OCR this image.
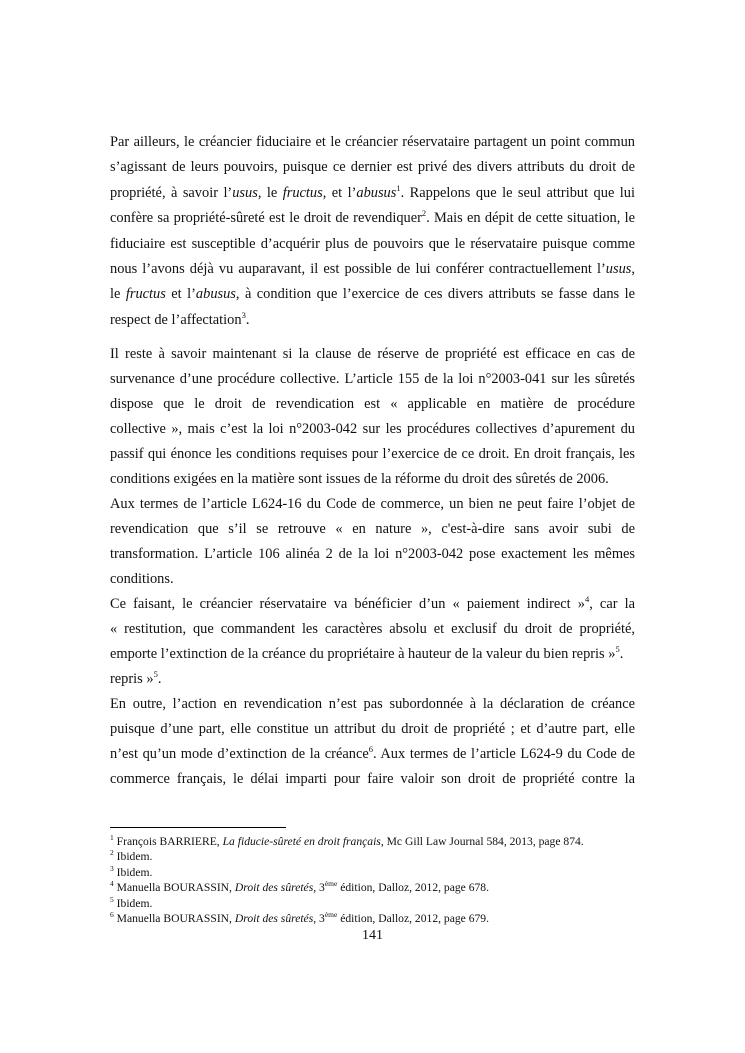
Par ailleurs, le créancier fiduciaire et le créancier réservataire partagent un point commun
s’agissant de leurs pouvoirs, puisque ce dernier est privé des divers attributs du droit de
propriété, à savoir l’usus, le fructus, et l’abusus$^1$. Rappelons que le seul attribut que lui
confère sa propriété-sûreté est le droit de revendiquer$^2$. Mais en dépit de cette situation, le
fiduciaire est susceptible d’acquérir plus de pouvoirs que le réservataire puisque comme
nous l’avons déjà vu auparavant, il est possible de lui conférer contractuellement l’usus,
le fructus et l’abusus, à condition que l’exercice de ces divers attributs se fasse dans le
respect de l’affectation$^3$.

Il reste à savoir maintenant si la clause de réserve de propriété est efficace en cas de
survenance d’une procédure collective. L’article 155 de la loi n°2003-041 sur les sûretés
dispose que le droit de revendication est « applicable en matière de procédure
collective », mais c’est la loi n°2003-042 sur les procédures collectives d’apurement du
passif qui énonce les conditions requises pour l’exercice de ce droit. En droit français, les
conditions exigées en la matière sont issues de la réforme du droit des sûretés de 2006.
Aux termes de l’article L624-16 du Code de commerce, un bien ne peut faire l’objet de
revendication que s’il se retrouve « en nature », c'est-à-dire sans avoir subi de
transformation. L’article 106 alinéa 2 de la loi n°2003-042 pose exactement les mêmes
conditions.
Ce faisant, le créancier réservataire va bénéficier d’un « paiement indirect »$^4$, car la
« restitution, que commandent les caractères absolu et exclusif du droit de propriété,
emporte l’extinction de la créance du propriétaire à hauteur de la valeur du bien repris »$^5$.
repris »$^5$.
En outre, l’action en revendication n’est pas subordonnée à la déclaration de créance
puisque d’une part, elle constitue un attribut du droit de propriété ; et d’autre part, elle
n’est qu’un mode d’extinction de la créance$^6$. Aux termes de l’article L624-9 du Code de
commerce français, le délai imparti pour faire valoir son droit de propriété contre la

$^1$ François BARRIERE, La fiducie-sûreté en droit français, Mc Gill Law Journal 584, 2013, page 874.
$^2$ Ibidem.
$^3$ Ibidem.
$^4$ Manuella BOURASSIN, Droit des sûretés, 3ème édition, Dalloz, 2012, page 678.
$^5$ Ibidem.
$^6$ Manuella BOURASSIN, Droit des sûretés, 3ème édition, Dalloz, 2012, page 679.
141
